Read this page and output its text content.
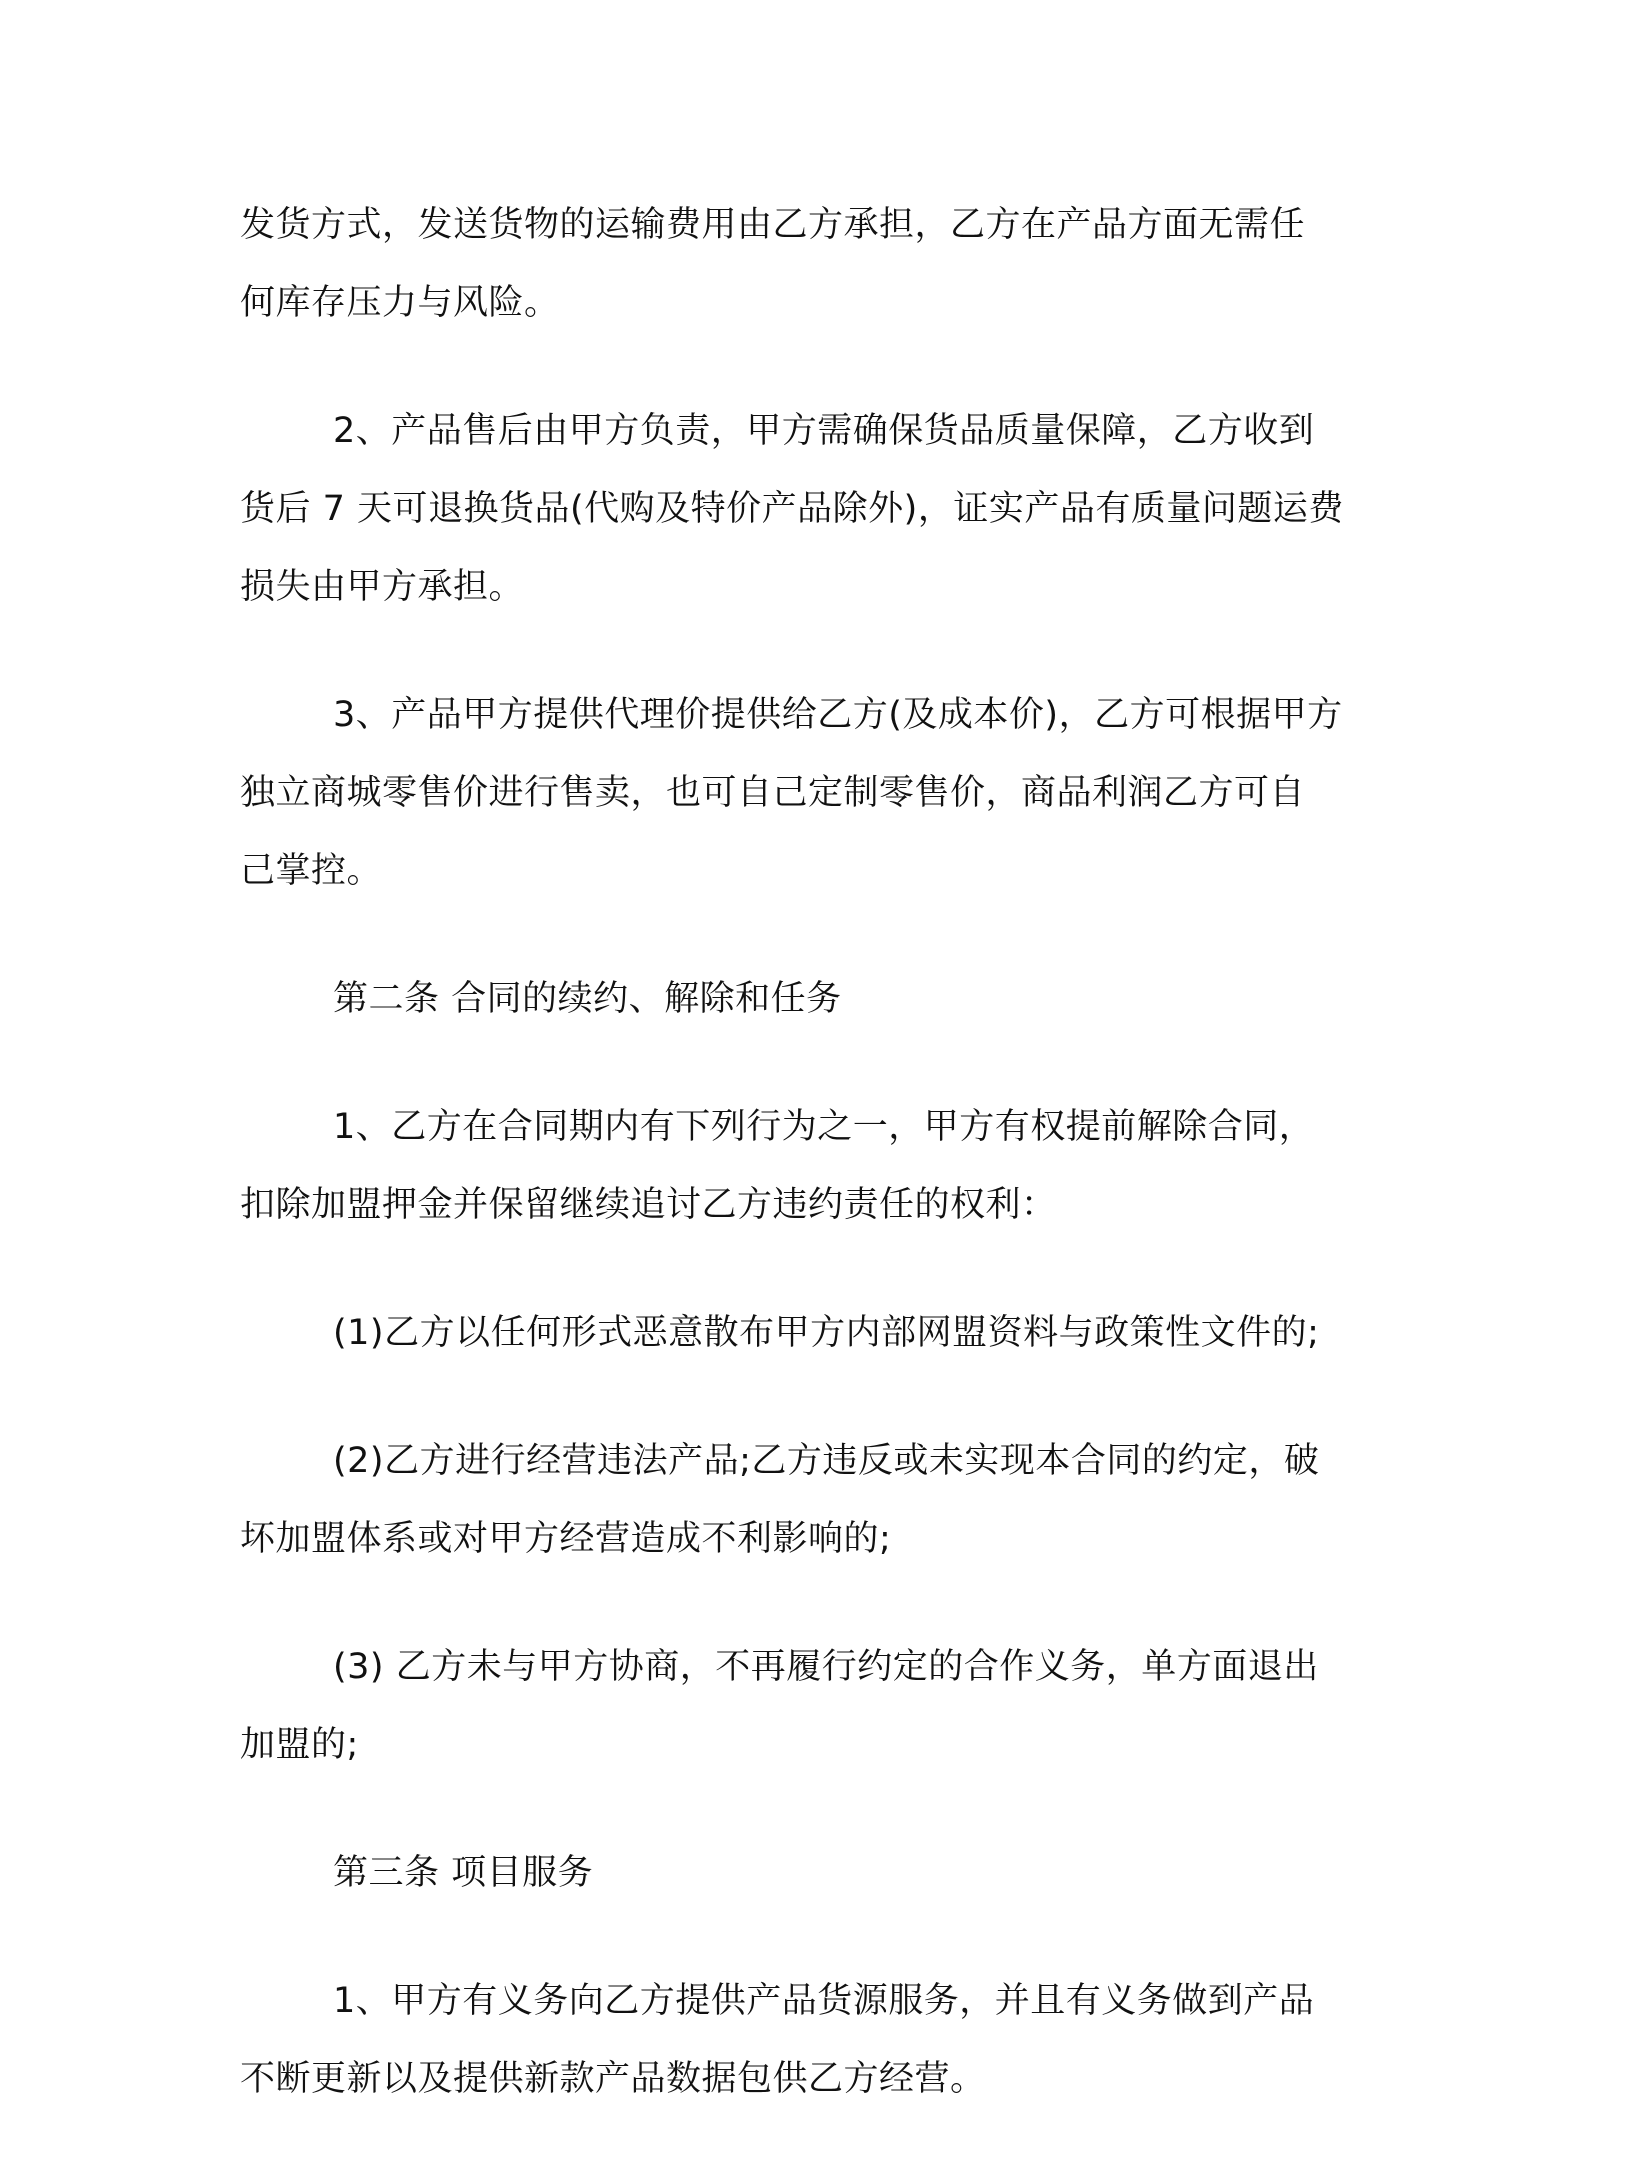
发货方式，发送货物的运输费用由乙方承担，乙方在产品方面无需任
何库存压力与风险。

2、产品售后由甲方负责，甲方需确保货品质量保障，乙方收到
货后 7 天可退换货品(代购及特价产品除外)，证实产品有质量问题运费
损失由甲方承担。

3、产品甲方提供代理价提供给乙方(及成本价)，乙方可根据甲方
独立商城零售价进行售卖，也可自己定制零售价，商品利润乙方可自
己掌控。

第二条 合同的续约、解除和任务

1、乙方在合同期内有下列行为之一，甲方有权提前解除合同，
扣除加盟押金并保留继续追讨乙方违约责任的权利：

(1)乙方以任何形式恶意散布甲方内部网盟资料与政策性文件的;

(2)乙方进行经营违法产品;乙方违反或未实现本合同的约定，破
坏加盟体系或对甲方经营造成不利影响的;

(3) 乙方未与甲方协商，不再履行约定的合作义务，单方面退出
加盟的;

第三条 项目服务

1、甲方有义务向乙方提供产品货源服务，并且有义务做到产品
不断更新以及提供新款产品数据包供乙方经营。
